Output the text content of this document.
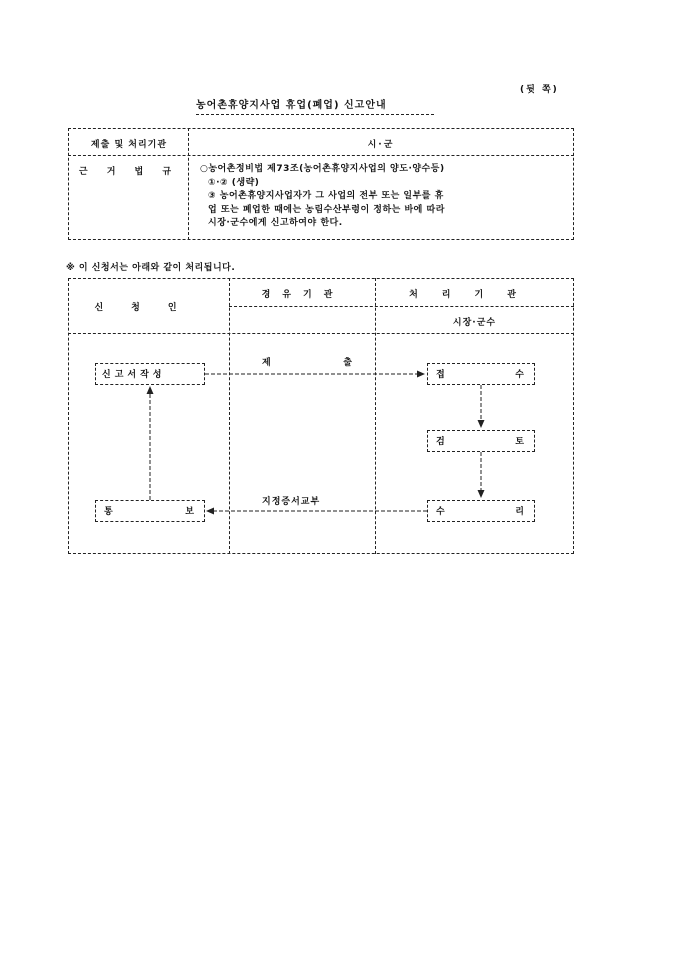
(뒷 쪽)
농어촌휴양지사업 휴업(폐업) 신고안내
제출 및 처리기관	시·군
근 거 법 규	○농어촌정비법 제73조(농어촌휴양지사업의 양도·양수등)
①·② (생략)
③ 농어촌휴양지사업자가 그 사업의 전부 또는 일부를 휴
업 또는 폐업한 때에는 농림수산부령이 정하는 바에 따라
시장·군수에게 신고하여야 한다.
※ 이 신청서는 아래와 같이 처리됩니다.
신청인
경유기관	처리기관
시장·군수
신고서작성	접	수
검	토
수	리
통	보
제	출
지정증서교부
